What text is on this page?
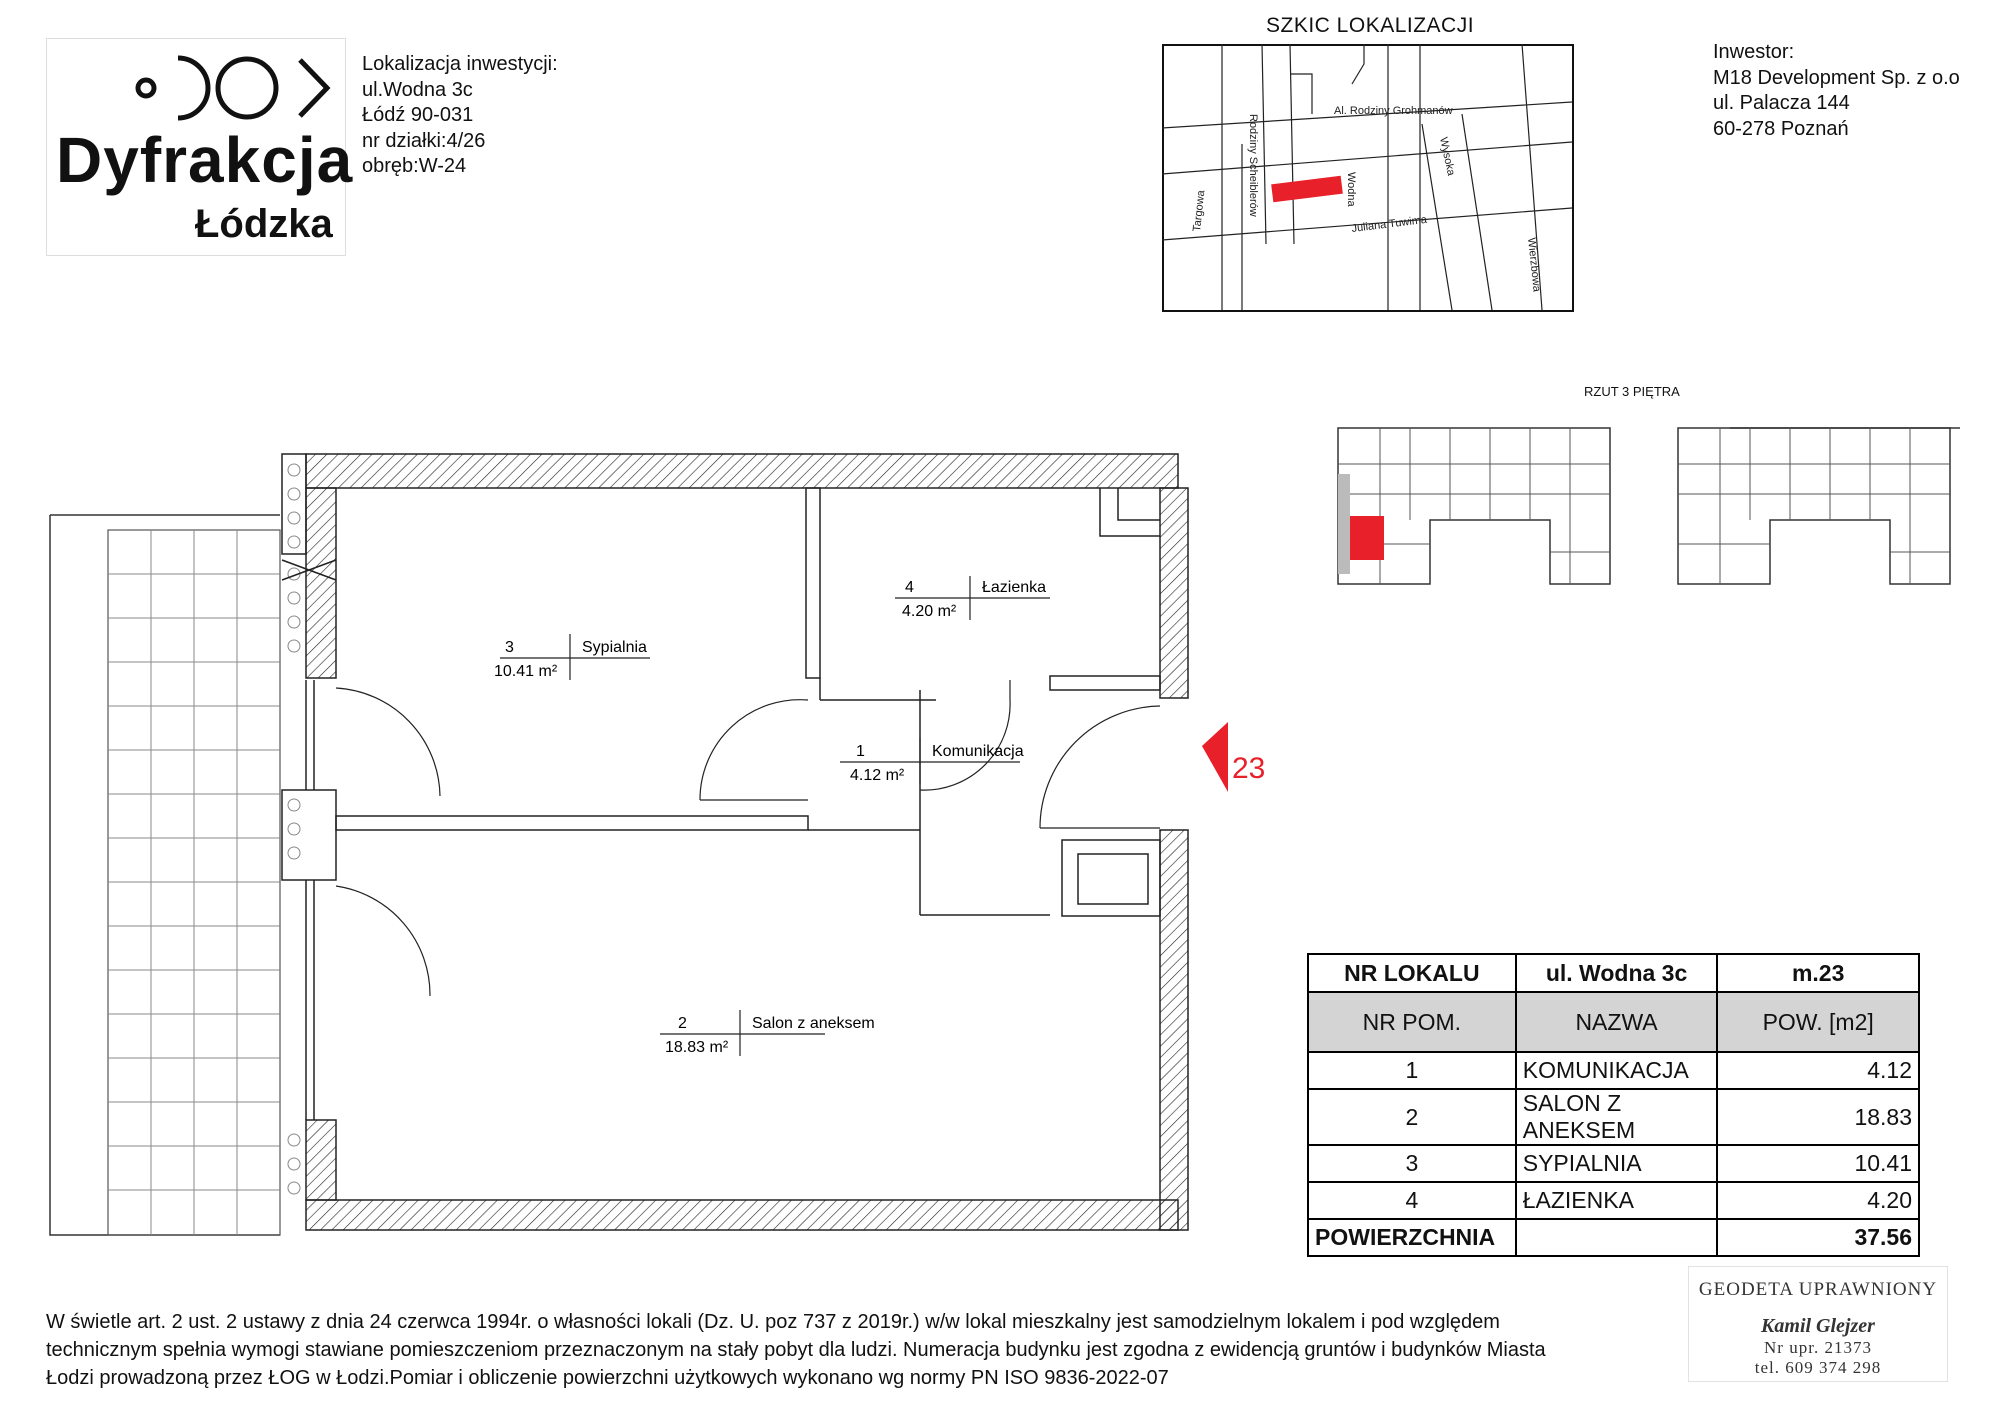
Dyfrakcja
Łódzka
Lokalizacja inwestycji:
ul.Wodna 3c
Łódź 90-031
nr działki:4/26
obręb:W-24
SZKIC LOKALIZACJI
Al. Rodziny Grohmanów
Rodziny Scheiblerów	Wodna
Wysoka
Targowa	Juliana Tuwima
Wierzbowa
Inwestor:
M18 Development Sp. z o.o
ul. Palacza 144
60-278 Poznań
RZUT 3 PIĘTRA
3	Sypialnia
10.41 m²
4	Łazienka
4.20 m²
1	Komunikacja
4.12 m²
2	Salon z aneksem
18.83 m²
23
NR LOKALU	ul. Wodna 3c	m.23
NR POM.	NAZWA	POW. [m2]
1	KOMUNIKACJA	4.12
2	SALON Z ANEKSEM	18.83
3	SYPIALNIA	10.41
4	ŁAZIENKA	4.20
POWIERZCHNIA		37.56
W świetle art. 2 ust. 2 ustawy z dnia 24 czerwca 1994r. o własności lokali (Dz. U. poz 737 z 2019r.) w/w lokal mieszkalny jest samodzielnym lokalem i pod względem
technicznym spełnia wymogi stawiane pomieszczeniom przeznaczonym na stały pobyt dla ludzi. Numeracja budynku jest zgodna z ewidencją gruntów i budynków Miasta
Łodzi prowadzoną przez ŁOG w Łodzi.Pomiar i obliczenie powierzchni użytkowych wykonano wg normy PN ISO 9836-2022-07
GEODETA UPRAWNIONY
Kamil Glejzer
Nr upr. 21373
tel. 609 374 298
